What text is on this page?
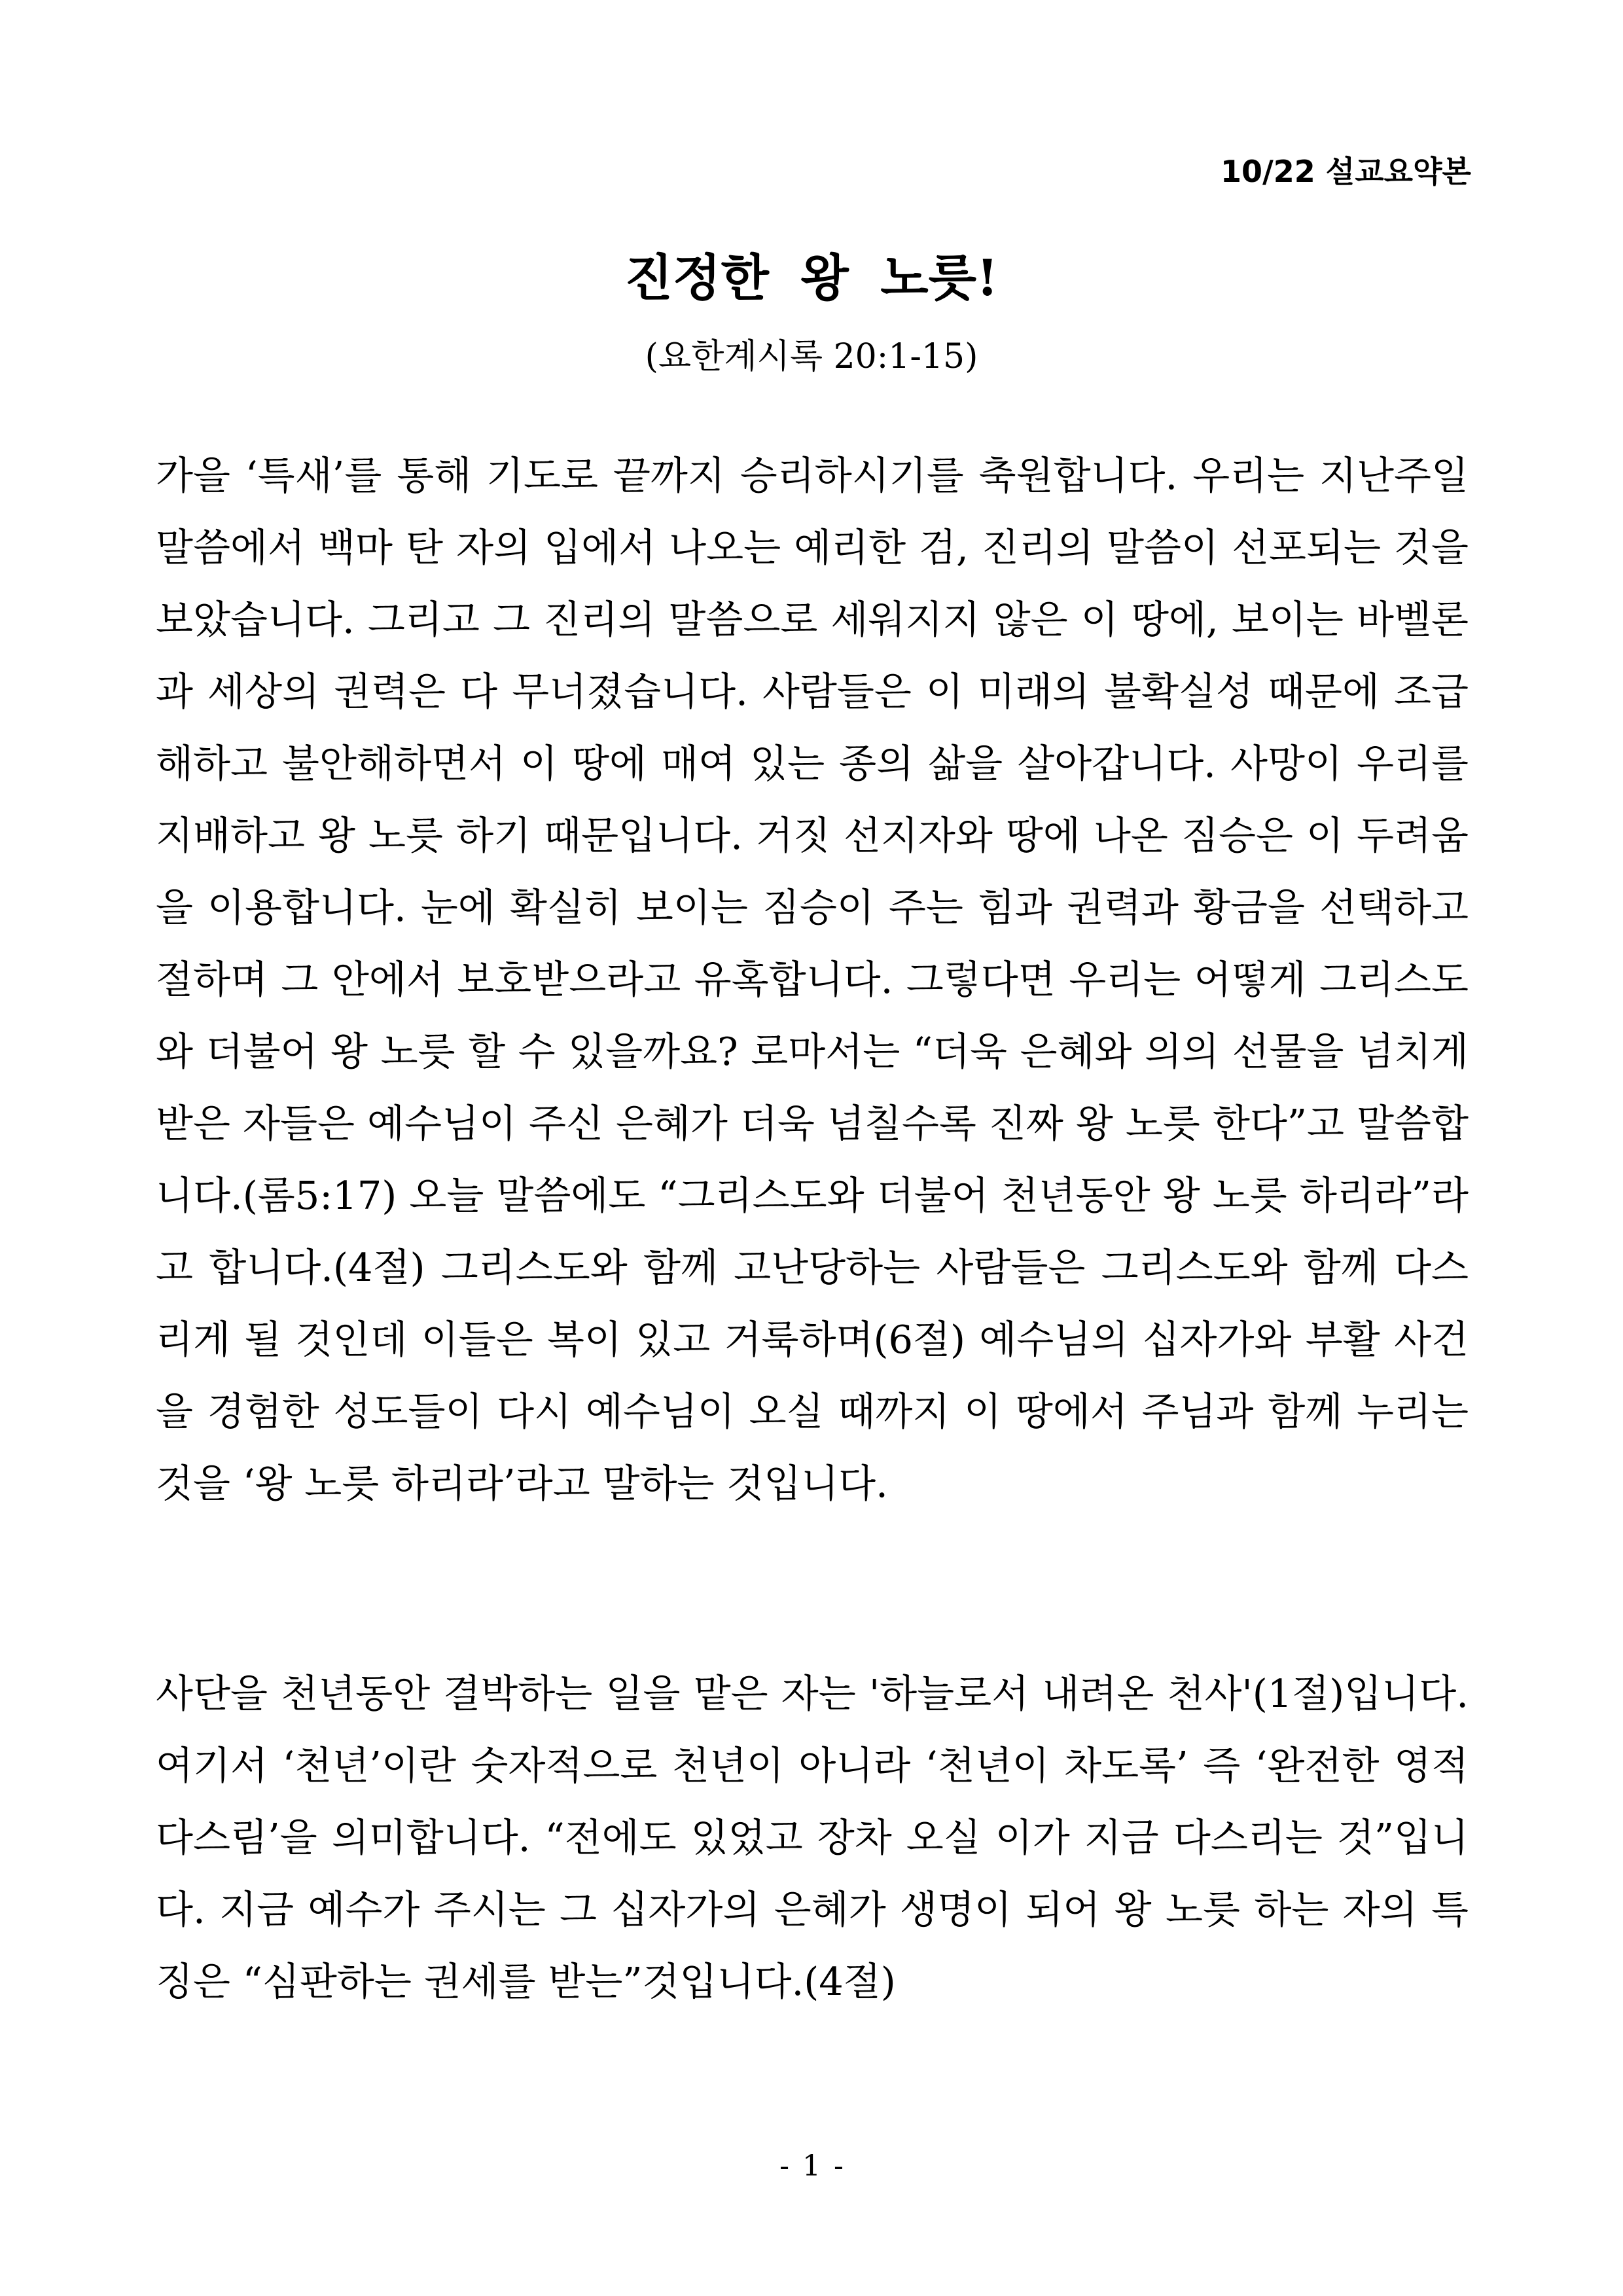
10/22 설교요약본
진정한 왕 노릇!
(요한계시록 20:1-15)

가을 ‘특새’를 통해 기도로 끝까지 승리하시기를 축원합니다. 우리는 지난주일 말씀에서 백마 탄 자의 입에서 나오는 예리한 검, 진리의 말씀이 선포되는 것을 보았습니다. 그리고 그 진리의 말씀으로 세워지지 않은 이 땅에, 보이는 바벨론과 세상의 권력은 다 무너졌습니다. 사람들은 이 미래의 불확실성 때문에 조급해하고 불안해하면서 이 땅에 매여 있는 종의 삶을 살아갑니다. 사망이 우리를 지배하고 왕 노릇 하기 때문입니다. 거짓 선지자와 땅에 나온 짐승은 이 두려움을 이용합니다. 눈에 확실히 보이는 짐승이 주는 힘과 권력과 황금을 선택하고 절하며 그 안에서 보호받으라고 유혹합니다. 그렇다면 우리는 어떻게 그리스도와 더불어 왕 노릇 할 수 있을까요? 로마서는 “더욱 은혜와 의의 선물을 넘치게 받은 자들은 예수님이 주신 은혜가 더욱 넘칠수록 진짜 왕 노릇 한다”고 말씀합니다.(롬5:17) 오늘 말씀에도 “그리스도와 더불어 천년동안 왕 노릇 하리라”라고 합니다.(4절) 그리스도와 함께 고난당하는 사람들은 그리스도와 함께 다스리게 될 것인데 이들은 복이 있고 거룩하며(6절) 예수님의 십자가와 부활 사건을 경험한 성도들이 다시 예수님이 오실 때까지 이 땅에서 주님과 함께 누리는 것을 ‘왕 노릇 하리라’라고 말하는 것입니다.

사단을 천년동안 결박하는 일을 맡은 자는 '하늘로서 내려온 천사'(1절)입니다. 여기서 ‘천년’이란 숫자적으로 천년이 아니라 ‘천년이 차도록’ 즉 ‘완전한 영적 다스림’을 의미합니다. “전에도 있었고 장차 오실 이가 지금 다스리는 것”입니다. 지금 예수가 주시는 그 십자가의 은혜가 생명이 되어 왕 노릇 하는 자의 특징은 “심판하는 권세를 받는”것입니다.(4절)

- 1 -
